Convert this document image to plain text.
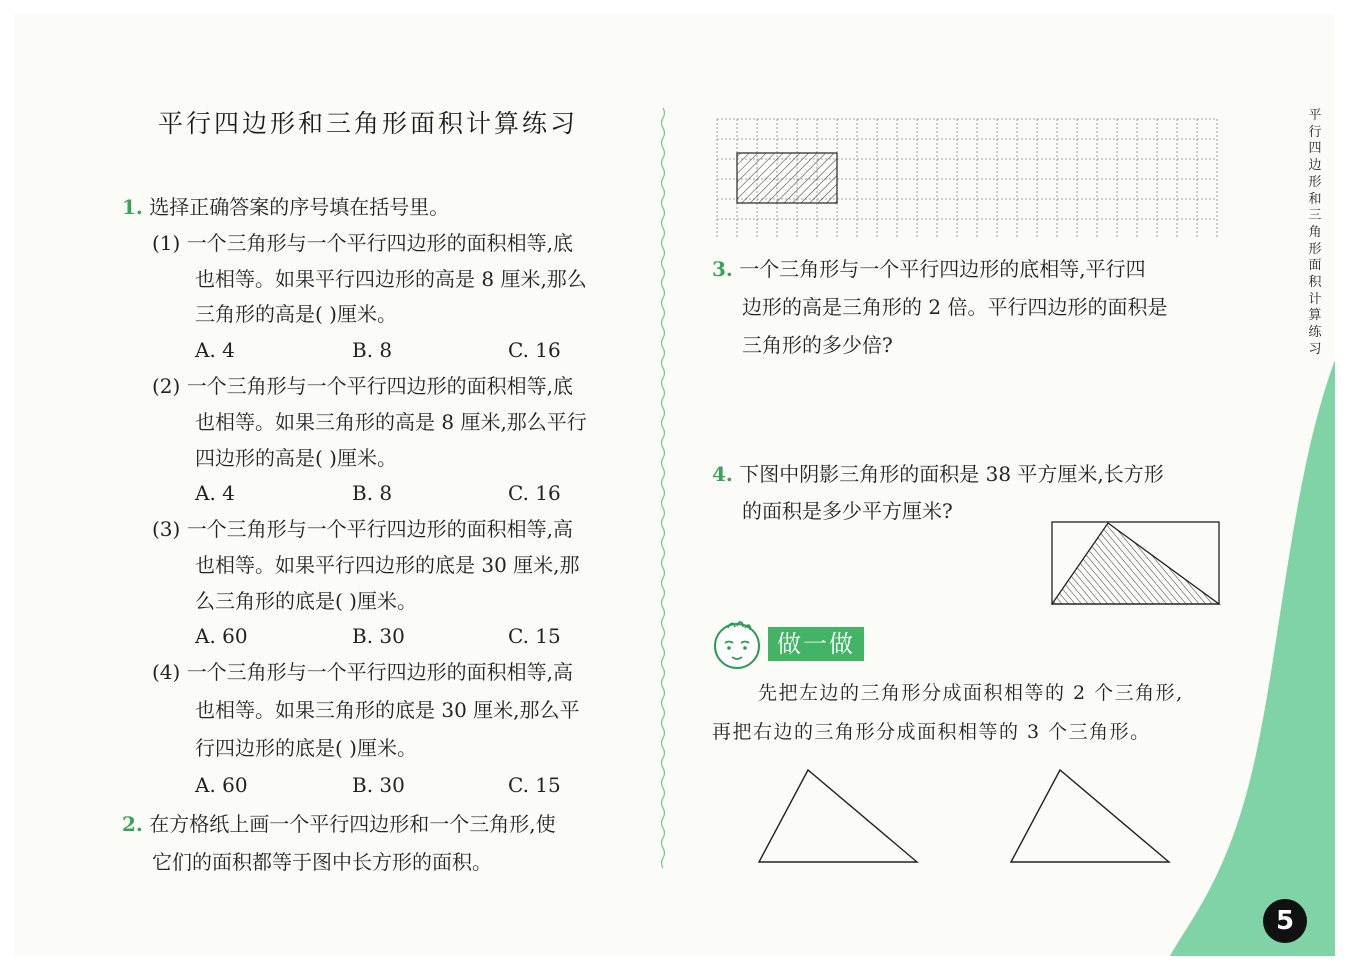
平行四边形和三角形面积计算练习
1. 选择正确答案的序号填在括号里。
(1) 一个三角形与一个平行四边形的面积相等,底
也相等。如果平行四边形的高是 8 厘米,那么
三角形的高是( )厘米。
A. 4	B. 8	C. 16
(2) 一个三角形与一个平行四边形的面积相等,底
也相等。如果三角形的高是 8 厘米,那么平行
四边形的高是( )厘米。
A. 4	B. 8	C. 16
(3) 一个三角形与一个平行四边形的面积相等,高
也相等。如果平行四边形的底是 30 厘米,那
么三角形的底是( )厘米。
A. 60	B. 30	C. 15
(4) 一个三角形与一个平行四边形的面积相等,高
也相等。如果三角形的底是 30 厘米,那么平
行四边形的底是( )厘米。
A. 60	B. 30	C. 15
2. 在方格纸上画一个平行四边形和一个三角形,使
它们的面积都等于图中长方形的面积。
3. 一个三角形与一个平行四边形的底相等,平行四
边形的高是三角形的 2 倍。平行四边形的面积是
三角形的多少倍?
4. 下图中阴影三角形的面积是 38 平方厘米,长方形
的面积是多少平方厘米?
做一做
先把左边的三角形分成面积相等的 2 个三角形,
再把右边的三角形分成面积相等的 3 个三角形。
平
行
四
边
形
和
三
角
形
面
积
计
算
练
习
5
